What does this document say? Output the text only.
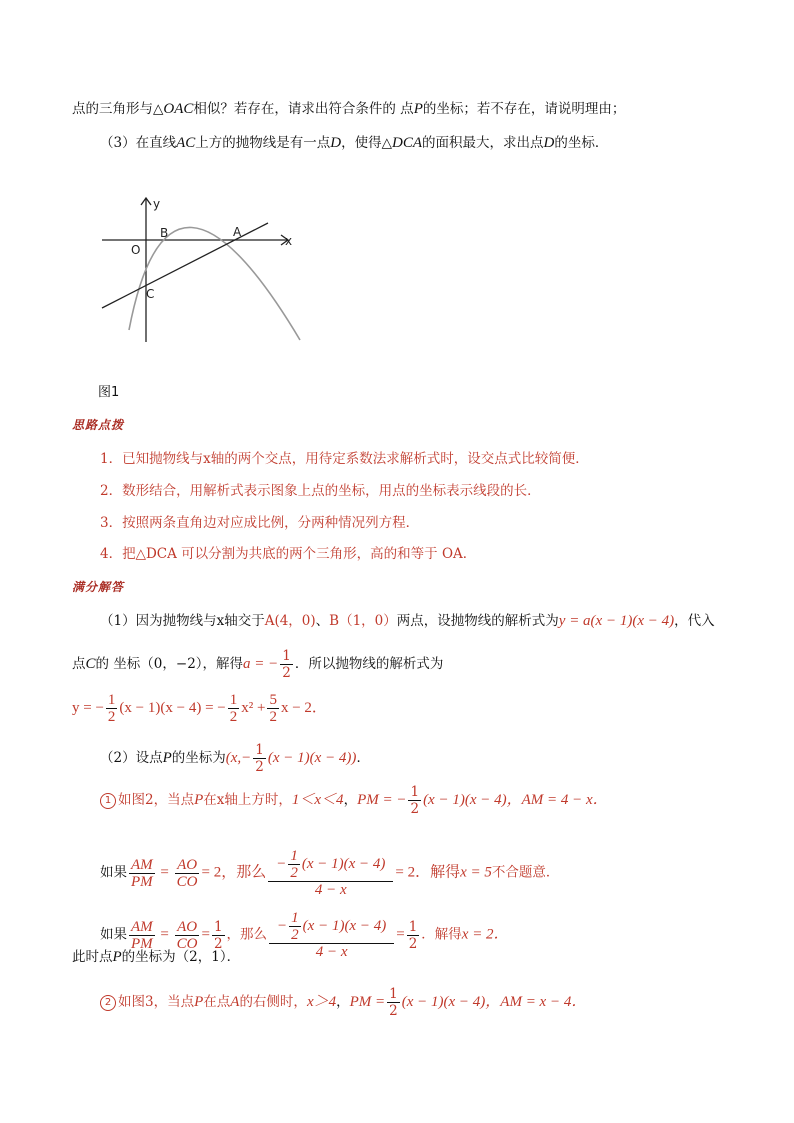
点的三角形与△OAC相似？若存在，请求出符合条件的 点P的坐标；若不存在，请说明理由；
（3）在直线AC上方的抛物线是有一点D，使得△DCA的面积最大，求出点D的坐标．
y
x
O
B	A
C
图1
思路点拨
1．已知抛物线与x轴的两个交点，用待定系数法求解析式时，设交点式比较简便．
2．数形结合，用解析式表示图象上点的坐标，用点的坐标表示线段的长．
3．按照两条直角边对应成比例，分两种情况列方程．
4．把△DCA 可以分割为共底的两个三角形，高的和等于 OA．
满分解答
（1）因为抛物线与x轴交于A(4，0)、B（1，0）两点，设抛物线的解析式为y = a(x − 1)(x − 4)，代入
点C的 坐标（0，−2），解得a = − $\frac{1}{2}$ ．所以抛物线的解析式为
y = − $\frac{1}{2} (x - 1)(x - 4)$ = − $\frac{1}{2} x^2 + \frac{5}{2}$ x − 2．
（2）设点P的坐标为$(x,- \frac{1}{2} (x - 1)(x - 4))$．
1 如图2，当点P在x轴上方时，1＜x＜4，PM = − $\frac{1}{2} (x - 1)(x - 4)$，AM = 4 − x．
如果 $\frac{AM}{PM} = \frac{AO}{CO} = 2$，那么 $\frac{- \frac{1}{2} (x - 1)(x - 4)}{4 - x} = 2$．解得x = 5不合题意．
如果 $\frac{AM}{PM} = \frac{AO}{CO} = \frac{1}{2}$ ，那么 $\frac{- \frac{1}{2} (x - 1)(x - 4)}{4 - x} = \frac{1}{2}$ ．解得x = 2．
此时点P的坐标为（2，1）．
2 如图3，当点P在点A的右侧时，x＞4，PM = $\frac{1}{2} (x - 1)(x - 4)$，AM = x − 4．
